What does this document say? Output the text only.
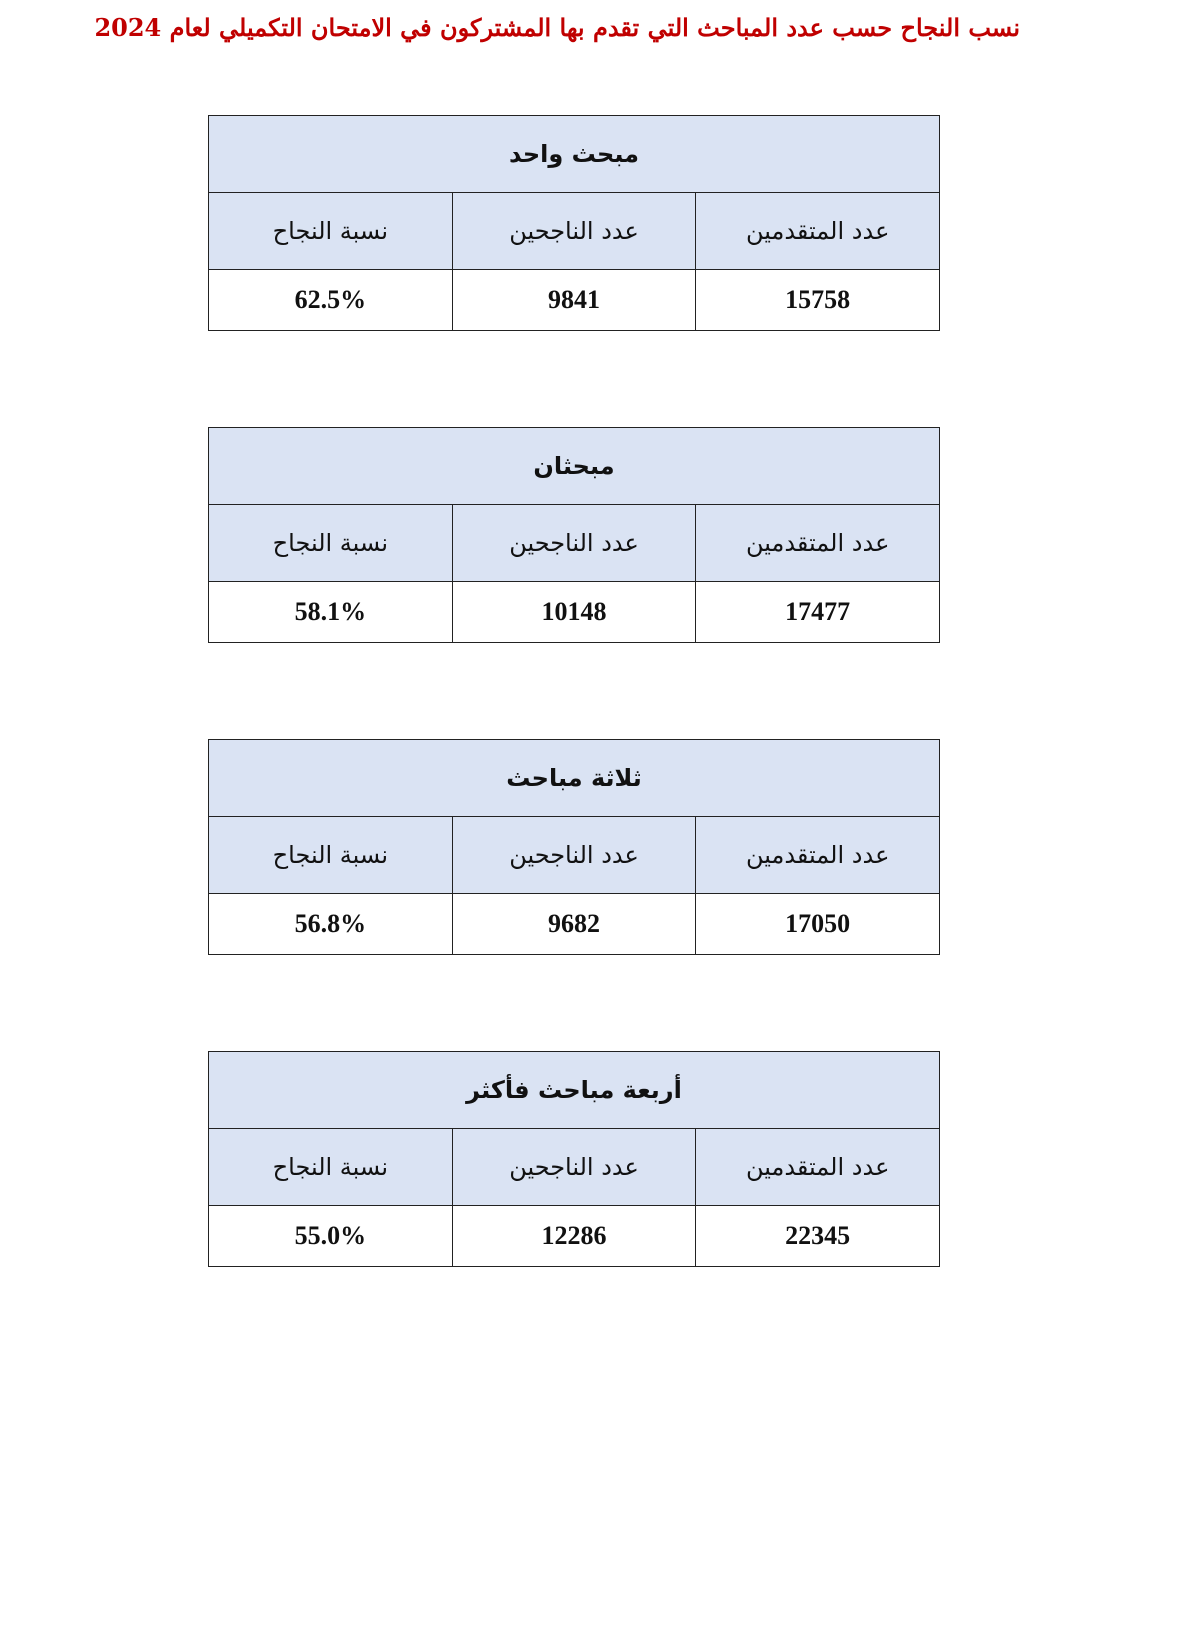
نسب النجاح حسب عدد المباحث التي تقدم بها المشتركون في الامتحان التكميلي لعام 2024
مبحث واحد		
عدد المتقدمين	عدد الناجحين	نسبة النجاح
15758	9841	62.5%
مبحثان		
عدد المتقدمين	عدد الناجحين	نسبة النجاح
17477	10148	58.1%
ثلاثة مباحث		
عدد المتقدمين	عدد الناجحين	نسبة النجاح
17050	9682	56.8%
أربعة مباحث فأكثر		
عدد المتقدمين	عدد الناجحين	نسبة النجاح
22345	12286	55.0%
